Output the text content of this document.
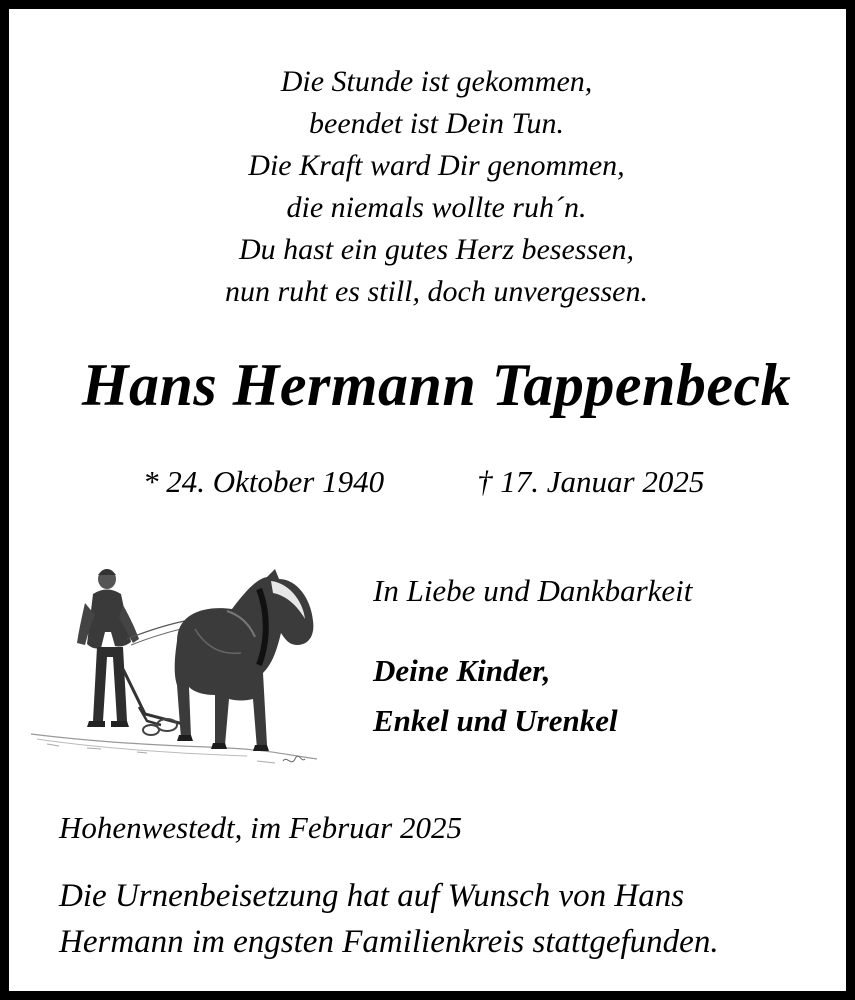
Die Stunde ist gekommen,
beendet ist Dein Tun.
Die Kraft ward Dir genommen,
die niemals wollte ruh´n.
Du hast ein gutes Herz besessen,
nun ruht es still, doch unvergessen.
Hans Hermann Tappenbeck
* 24. Oktober 1940	† 17. Januar 2025
In Liebe und Dankbarkeit
Deine Kinder,
Enkel und Urenkel
Hohenwestedt, im Februar 2025
Die Urnenbeisetzung hat auf Wunsch von Hans
Hermann im engsten Familienkreis stattgefunden.
